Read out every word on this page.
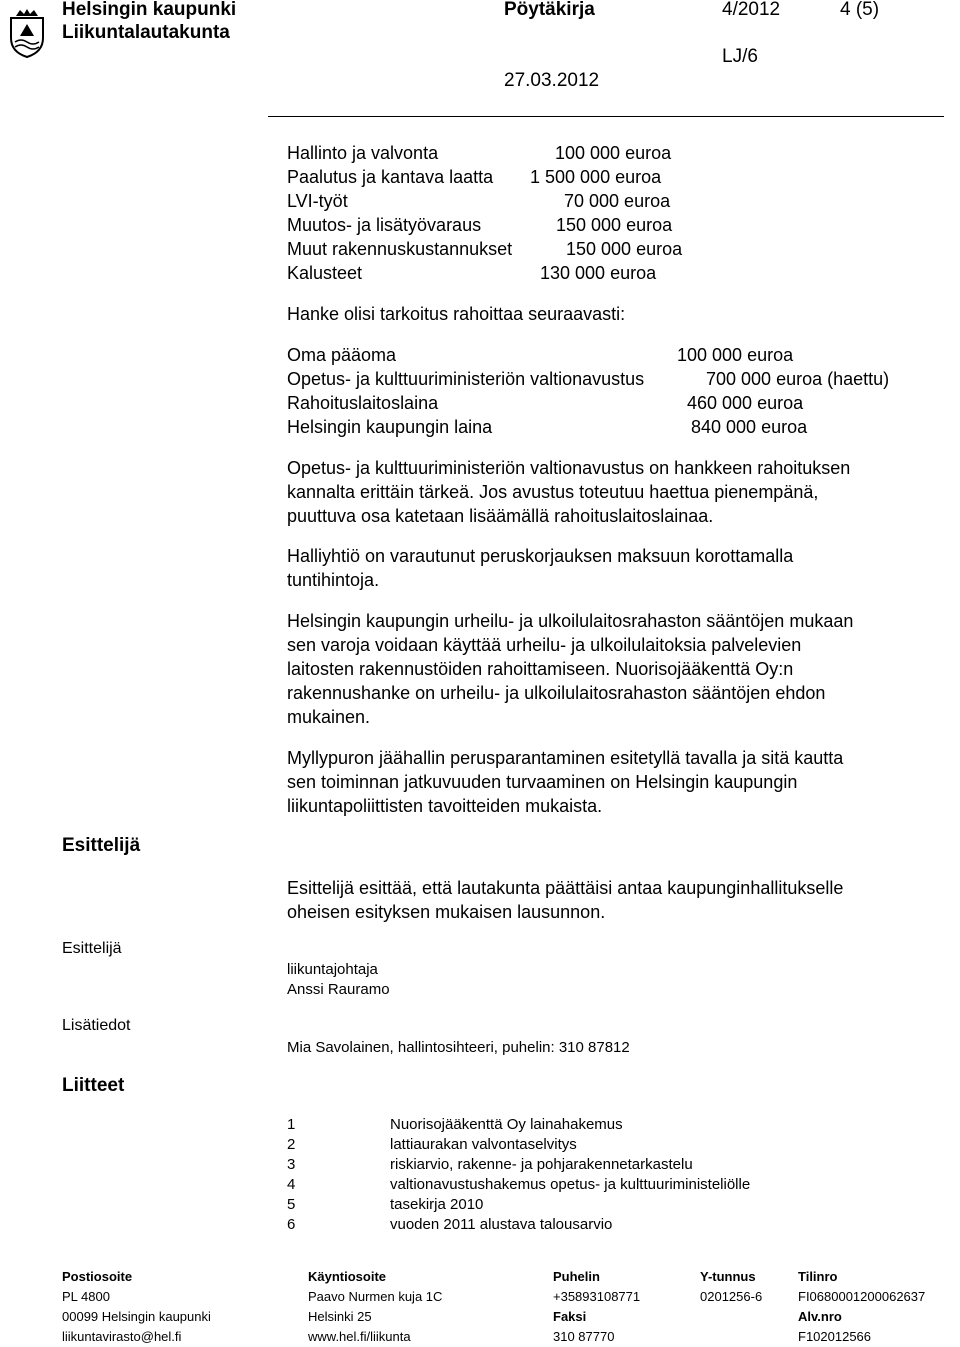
Helsingin kaupunki
Liikuntalautakunta
Pöytäkirja	4/2012	4 (5)
LJ/6
27.03.2012
Hallinto ja valvonta	100 000 euroa
Paalutus ja kantava laatta 1 500 000 euroa
LVI-työt	70 000 euroa
Muutos- ja lisätyövaraus	150 000 euroa
Muut rakennuskustannukset	150 000 euroa
Kalusteet	130 000 euroa
Hanke olisi tarkoitus rahoittaa seuraavasti:
Oma pääoma	100 000 euroa
Opetus- ja kulttuuriministeriön valtionavustus	700 000 euroa (haettu)
Rahoituslaitoslaina	460 000 euroa
Helsingin kaupungin laina	840 000 euroa
Opetus- ja kulttuuriministeriön valtionavustus on hankkeen rahoituksen
kannalta erittäin tärkeä. Jos avustus toteutuu haettua pienempänä,
puuttuva osa katetaan lisäämällä rahoituslaitoslainaa.
Halliyhtiö on varautunut peruskorjauksen maksuun korottamalla
tuntihintoja.
Helsingin kaupungin urheilu- ja ulkoilulaitosrahaston sääntöjen mukaan
sen varoja voidaan käyttää urheilu- ja ulkoilulaitoksia palvelevien
laitosten rakennustöiden rahoittamiseen. Nuorisojääkenttä Oy:n
rakennushanke on urheilu- ja ulkoilulaitosrahaston sääntöjen ehdon
mukainen.
Myllypuron jäähallin perusparantaminen esitetyllä tavalla ja sitä kautta
sen toiminnan jatkuvuuden turvaaminen on Helsingin kaupungin
liikuntapoliittisten tavoitteiden mukaista.
Esittelijä
Esittelijä esittää, että lautakunta päättäisi antaa kaupunginhallitukselle
oheisen esityksen mukaisen lausunnon.
Esittelijä
liikuntajohtaja
Anssi Rauramo
Lisätiedot
Mia Savolainen, hallintosihteeri, puhelin: 310 87812
Liitteet
1	Nuorisojääkenttä Oy lainahakemus
2	lattiaurakan valvontaselvitys
3	riskiarvio, rakenne- ja pohjarakennetarkastelu
4	valtionavustushakemus opetus- ja kulttuuriministeliölle
5	tasekirja 2010
6	vuoden 2011 alustava talousarvio
Postiosoite
PL 4800
00099 Helsingin kaupunki
liikuntavirasto@hel.fi
Käyntiosoite
Paavo Nurmen kuja 1C
Helsinki 25
www.hel.fi/liikunta
Puhelin
+35893108771
Faksi
310 87770
Y-tunnus
0201256-6
Tilinro
FI0680001200062637
Alv.nro
F102012566
